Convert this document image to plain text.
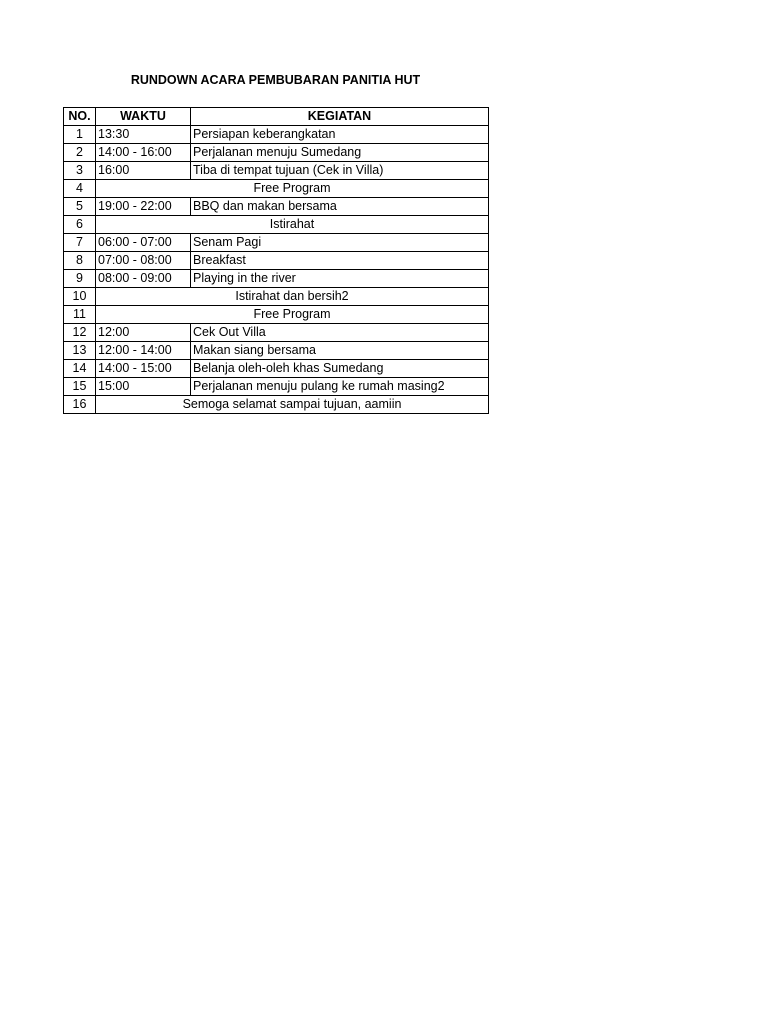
RUNDOWN ACARA PEMBUBARAN PANITIA HUT
NO.	WAKTU	KEGIATAN
1	13:30	Persiapan keberangkatan
2	14:00 - 16:00	Perjalanan menuju Sumedang
3	16:00	Tiba di tempat tujuan (Cek in Villa)
4	Free Program	
5	19:00 - 22:00	BBQ dan makan bersama
6	Istirahat	
7	06:00 - 07:00	Senam Pagi
8	07:00 - 08:00	Breakfast
9	08:00 - 09:00	Playing in the river
10	Istirahat dan bersih2	
11	Free Program	
12	12:00	Cek Out Villa
13	12:00 - 14:00	Makan siang bersama
14	14:00 - 15:00	Belanja oleh-oleh khas Sumedang
15	15:00	Perjalanan menuju pulang ke rumah masing2
16	Semoga selamat sampai tujuan, aamiin	
